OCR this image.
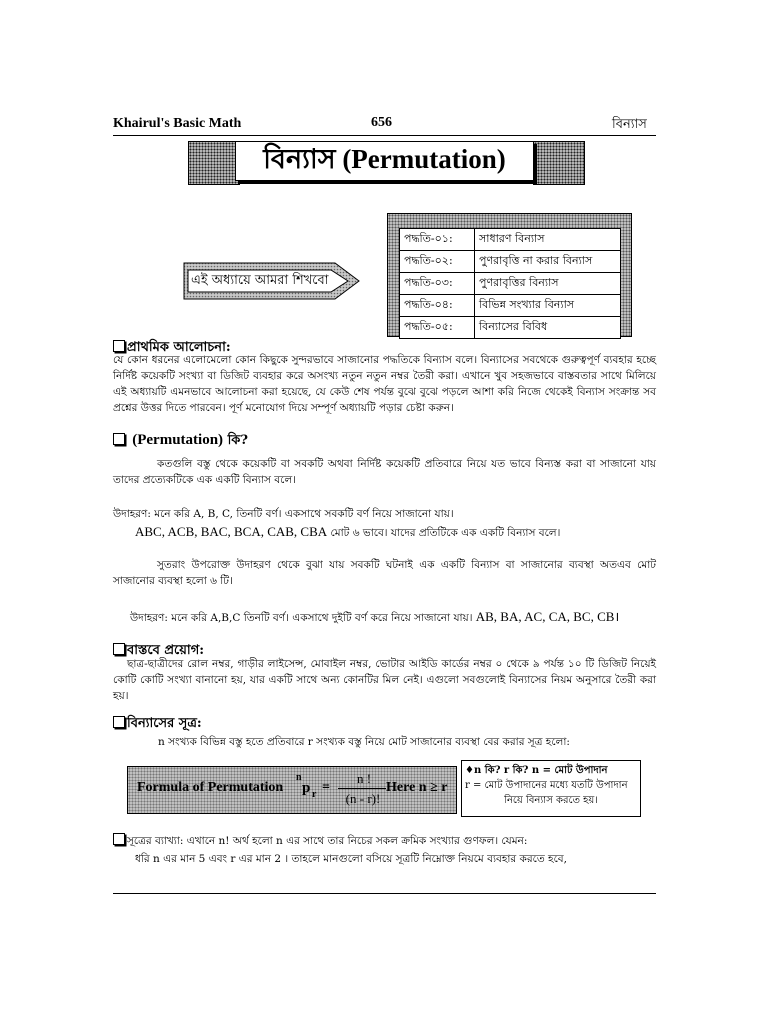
Khairul's Basic Math	656	বিন্যাস
বিন্যাস (Permutation)
পদ্ধতি-০১:	সাধারণ বিন্যাস
পদ্ধতি-০২:	পুণরাবৃত্তি না করার বিন্যাস
পদ্ধতি-০৩:	পুণরাবৃত্তির বিন্যাস
পদ্ধতি-০৪:	বিভিন্ন সংখ্যার বিন্যাস
পদ্ধতি-০৫:	বিন্যাসের বিবিধ
এই অধ্যায়ে আমরা শিখবো
প্রাথমিক আলোচনা:
যে কোন ধরনের এলোমেলো কোন কিছুকে সুন্দরভাবে সাজানোর পদ্ধতিকে বিন্যাস বলে। বিন্যাসের সবথেকে গুরুত্বপূর্ণ ব্যবহার হচ্ছে নির্দিষ্ট কয়েকটি সংখ্যা বা ডিজিট ব্যবহার করে অসংখ্য নতুন নতুন নম্বর তৈরী করা। এখানে খুব সহজভাবে বাস্তবতার সাথে মিলিয়ে এই অধ্যায়টি এমনভাবে আলোচনা করা হয়েছে, যে কেউ শেষ পর্যন্ত বুঝে বুঝে পড়লে আশা করি নিজে থেকেই বিন্যাস সংক্রান্ত সব প্রশ্নের উত্তর দিতে পারবেন। পূর্ণ মনোযোগ দিয়ে সম্পূর্ণ অধ্যায়টি পড়ার চেষ্টা করুন।
(Permutation) কি?
কতগুলি বস্তু থেকে কয়েকটি বা সবকটি অথবা নির্দিষ্ট কয়েকটি প্রতিবারে নিয়ে যত ভাবে বিন্যস্ত করা বা সাজানো যায় তাদের প্রত্যেকটিকে এক একটি বিন্যাস বলে।
উদাহরণ: মনে করি A, B, C, তিনটি বর্ণ। একসাথে সবকটি বর্ণ নিয়ে সাজানো যায়।
ABC, ACB, BAC, BCA, CAB, CBA মোট ৬ ভাবে। যাদের প্রতিটিকে এক একটি বিন্যাস বলে।
সুতরাং উপরোক্ত উদাহরণ থেকে বুঝা যায় সবকটি ঘটনাই এক একটি বিন্যাস বা সাজানোর ব্যবস্থা অতএব মোট সাজানোর ব্যবস্থা হলো ৬ টি।
উদাহরণ: মনে করি A,B,C তিনটি বর্ণ। একসাথে দুইটি বর্ণ করে নিয়ে সাজানো যায়। AB, BA, AC, CA, BC, CB।
বাস্তবে প্রয়োগ:
ছাত্র-ছাত্রীদের রোল নম্বর, গাড়ীর লাইসেন্স, মোবাইল নম্বর, ভোটার আইডি কার্ডের নম্বর ০ থেকে ৯ পর্যন্ত ১০ টি ডিজিট নিয়েই কোটি কোটি সংখ্যা বানানো হয়, যার একটি সাথে অন্য কোনটির মিল নেই। এগুলো সবগুলোই বিন্যাসের নিয়ম অনুসারে তৈরী করা হয়।
বিন্যাসের সূত্র:
n সংখ্যক বিভিন্ন বস্তু হতে প্রতিবারে r সংখ্যক বস্তু নিয়ে মোট সাজানোর ব্যবস্থা বের করার সূত্র হলো:
Formula of Permutation
n
p r =
n !
(n - r)!
Here n ≥ r
♦n কি? r কি? n = মোট উপাদান
r = মোট উপাদানের মধ্যে যতটি উপাদান
নিয়ে বিন্যাস করতে হয়।
সূত্রের ব্যাখ্যা: এখানে n! অর্থ হলো n এর সাথে তার নিচের সকল ক্রমিক সংখ্যার গুণফল। যেমন:
ধরি n এর মান 5 এবং r এর মান 2 । তাহলে মানগুলো বসিয়ে সূত্রটি নিম্নোক্ত নিয়মে ব্যবহার করতে হবে,
